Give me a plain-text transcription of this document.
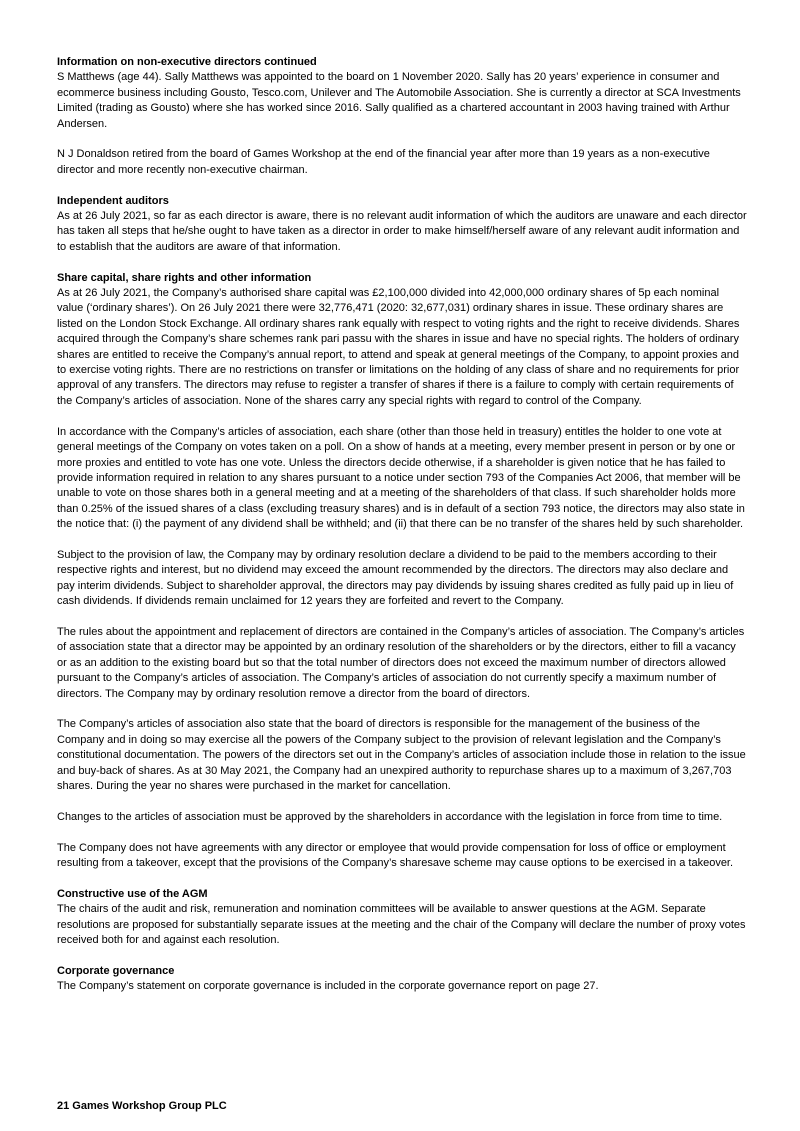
Information on non-executive directors continued

S Matthews (age 44). Sally Matthews was appointed to the board on 1 November 2020. Sally has 20 years’ experience in consumer and ecommerce business including Gousto, Tesco.com, Unilever and The Automobile Association. She is currently a director at SCA Investments Limited (trading as Gousto) where she has worked since 2016. Sally qualified as a chartered accountant in 2003 having trained with Arthur Andersen.

N J Donaldson retired from the board of Games Workshop at the end of the financial year after more than 19 years as a non-executive director and more recently non-executive chairman.

Independent auditors

As at 26 July 2021, so far as each director is aware, there is no relevant audit information of which the auditors are unaware and each director has taken all steps that he/she ought to have taken as a director in order to make himself/herself aware of any relevant audit information and to establish that the auditors are aware of that information.

Share capital, share rights and other information

As at 26 July 2021, the Company’s authorised share capital was £2,100,000 divided into 42,000,000 ordinary shares of 5p each nominal value (‘ordinary shares’). On 26 July 2021 there were 32,776,471 (2020: 32,677,031) ordinary shares in issue. These ordinary shares are listed on the London Stock Exchange. All ordinary shares rank equally with respect to voting rights and the right to receive dividends. Shares acquired through the Company’s share schemes rank pari passu with the shares in issue and have no special rights. The holders of ordinary shares are entitled to receive the Company’s annual report, to attend and speak at general meetings of the Company, to appoint proxies and to exercise voting rights. There are no restrictions on transfer or limitations on the holding of any class of share and no requirements for prior approval of any transfers. The directors may refuse to register a transfer of shares if there is a failure to comply with certain requirements of the Company’s articles of association. None of the shares carry any special rights with regard to control of the Company.

In accordance with the Company’s articles of association, each share (other than those held in treasury) entitles the holder to one vote at general meetings of the Company on votes taken on a poll. On a show of hands at a meeting, every member present in person or by one or more proxies and entitled to vote has one vote. Unless the directors decide otherwise, if a shareholder is given notice that he has failed to provide information required in relation to any shares pursuant to a notice under section 793 of the Companies Act 2006, that member will be unable to vote on those shares both in a general meeting and at a meeting of the shareholders of that class. If such shareholder holds more than 0.25% of the issued shares of a class (excluding treasury shares) and is in default of a section 793 notice, the directors may also state in the notice that: (i) the payment of any dividend shall be withheld; and (ii) that there can be no transfer of the shares held by such shareholder.

Subject to the provision of law, the Company may by ordinary resolution declare a dividend to be paid to the members according to their respective rights and interest, but no dividend may exceed the amount recommended by the directors. The directors may also declare and pay interim dividends. Subject to shareholder approval, the directors may pay dividends by issuing shares credited as fully paid up in lieu of cash dividends. If dividends remain unclaimed for 12 years they are forfeited and revert to the Company.

The rules about the appointment and replacement of directors are contained in the Company’s articles of association. The Company’s articles of association state that a director may be appointed by an ordinary resolution of the shareholders or by the directors, either to fill a vacancy or as an addition to the existing board but so that the total number of directors does not exceed the maximum number of directors allowed pursuant to the Company’s articles of association. The Company’s articles of association do not currently specify a maximum number of directors. The Company may by ordinary resolution remove a director from the board of directors.

The Company’s articles of association also state that the board of directors is responsible for the management of the business of the Company and in doing so may exercise all the powers of the Company subject to the provision of relevant legislation and the Company’s constitutional documentation. The powers of the directors set out in the Company’s articles of association include those in relation to the issue and buy-back of shares. As at 30 May 2021, the Company had an unexpired authority to repurchase shares up to a maximum of 3,267,703 shares. During the year no shares were purchased in the market for cancellation.

Changes to the articles of association must be approved by the shareholders in accordance with the legislation in force from time to time.

The Company does not have agreements with any director or employee that would provide compensation for loss of office or employment resulting from a takeover, except that the provisions of the Company’s sharesave scheme may cause options to be exercised in a takeover.

Constructive use of the AGM

The chairs of the audit and risk, remuneration and nomination committees will be available to answer questions at the AGM. Separate resolutions are proposed for substantially separate issues at the meeting and the chair of the Company will declare the number of proxy votes received both for and against each resolution.

Corporate governance

The Company’s statement on corporate governance is included in the corporate governance report on page 27.

21 Games Workshop Group PLC
